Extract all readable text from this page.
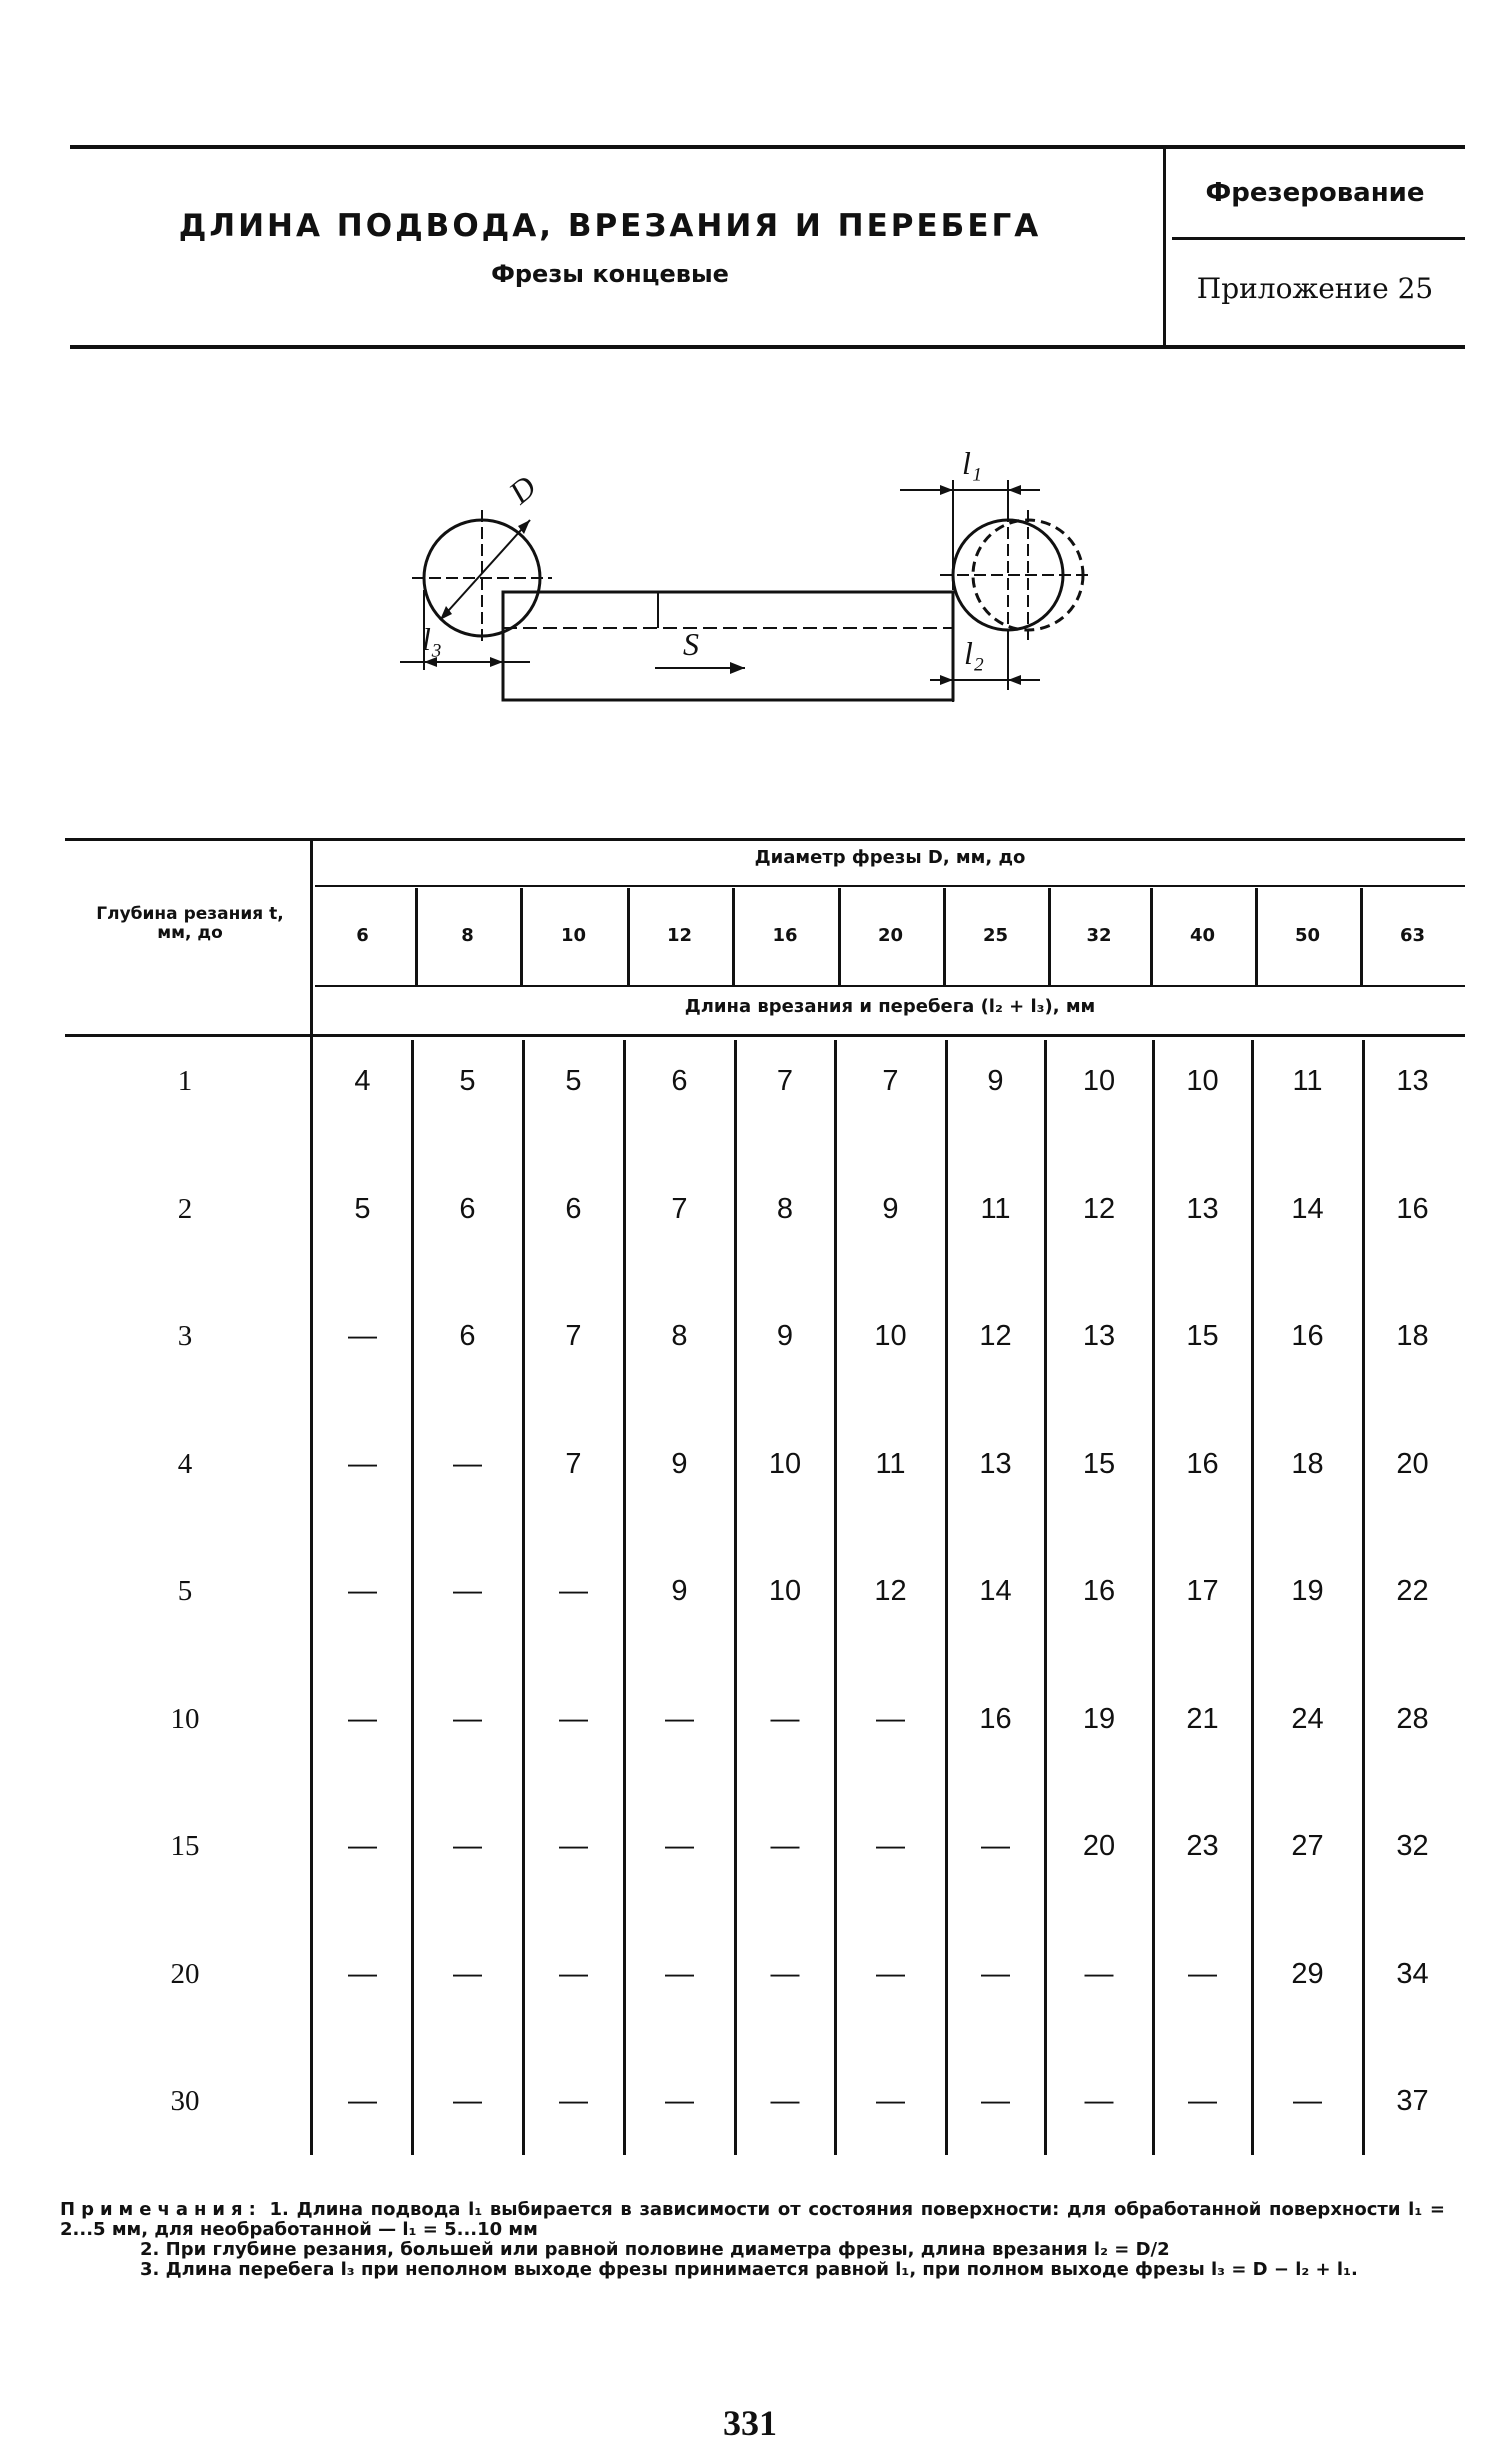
ДЛИНА ПОДВОДА, ВРЕЗАНИЯ И ПЕРЕБЕГА
Фрезы концевые
Фрезерование
Приложение 25
D
l₁
l₂
l₃	S
Глубина резания t, мм, до
Диаметр фрезы D, мм, до
Длина врезания и перебега (l₂ + l₃), мм
6	8	10	12	16	20	25	32	40	50	63
1	4	5	5	6	7	7	9	10	10	11	13
2	5	6	6	7	8	9	11	12	13	14	16
3	—	6	7	8	9	10	12	13	15	16	18
4	—	—	7	9	10	11	13	15	16	18	20
5	—	—	—	9	10	12	14	16	17	19	22
10	—	—	—	—	—	—	16	19	21	24	28
15	—	—	—	—	—	—	—	20	23	27	32
20	—	—	—	—	—	—	—	—	—	29	34
30	—	—	—	—	—	—	—	—	—	—	37

Примечания: 1. Длина подвода l₁ выбирается в зависимости от состояния поверхности: для обработанной поверхности l₁ = 2...5 мм, для необработанной — l₁ = 5...10 мм

2. При глубине резания, большей или равной половине диаметра фрезы, длина врезания l₂ = D/2

3. Длина перебега l₃ при неполном выходе фрезы принимается равной l₁, при полном выходе фрезы l₃ = D − l₂ + l₁.

331
